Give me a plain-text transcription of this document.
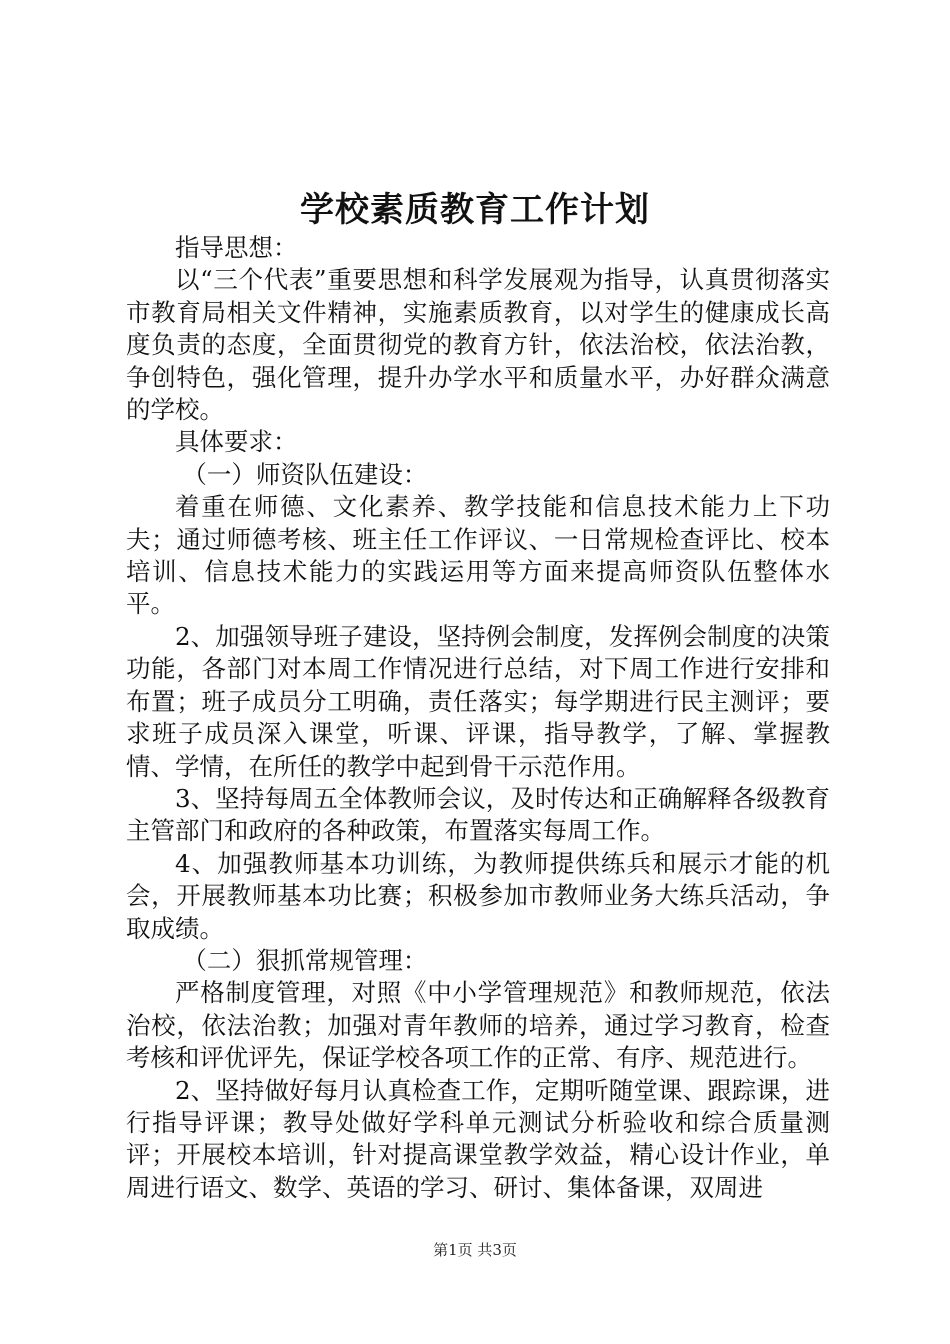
学校素质教育工作计划

指导思想：

以“三个代表”重要思想和科学发展观为指导，认真贯彻落实市教育局相关文件精神，实施素质教育，以对学生的健康成长高度负责的态度，全面贯彻党的教育方针，依法治校，依法治教，争创特色，强化管理，提升办学水平和质量水平，办好群众满意的学校。

具体要求：

（一）师资队伍建设：

着重在师德、文化素养、教学技能和信息技术能力上下功夫；通过师德考核、班主任工作评议、一日常规检查评比、校本培训、信息技术能力的实践运用等方面来提高师资队伍整体水平。

2、加强领导班子建设，坚持例会制度，发挥例会制度的决策功能，各部门对本周工作情况进行总结，对下周工作进行安排和布置；班子成员分工明确，责任落实；每学期进行民主测评；要求班子成员深入课堂，听课、评课，指导教学，了解、掌握教情、学情，在所任的教学中起到骨干示范作用。

3、坚持每周五全体教师会议，及时传达和正确解释各级教育主管部门和政府的各种政策，布置落实每周工作。

4、加强教师基本功训练，为教师提供练兵和展示才能的机会，开展教师基本功比赛；积极参加市教师业务大练兵活动，争取成绩。

（二）狠抓常规管理：

严格制度管理，对照《中小学管理规范》和教师规范，依法治校，依法治教；加强对青年教师的培养，通过学习教育，检查考核和评优评先，保证学校各项工作的正常、有序、规范进行。

2、坚持做好每月认真检查工作，定期听随堂课、跟踪课，进行指导评课；教导处做好学科单元测试分析验收和综合质量测评；开展校本培训，针对提高课堂教学效益，精心设计作业，单周进行语文、数学、英语的学习、研讨、集体备课，双周进

第1页 共3页
